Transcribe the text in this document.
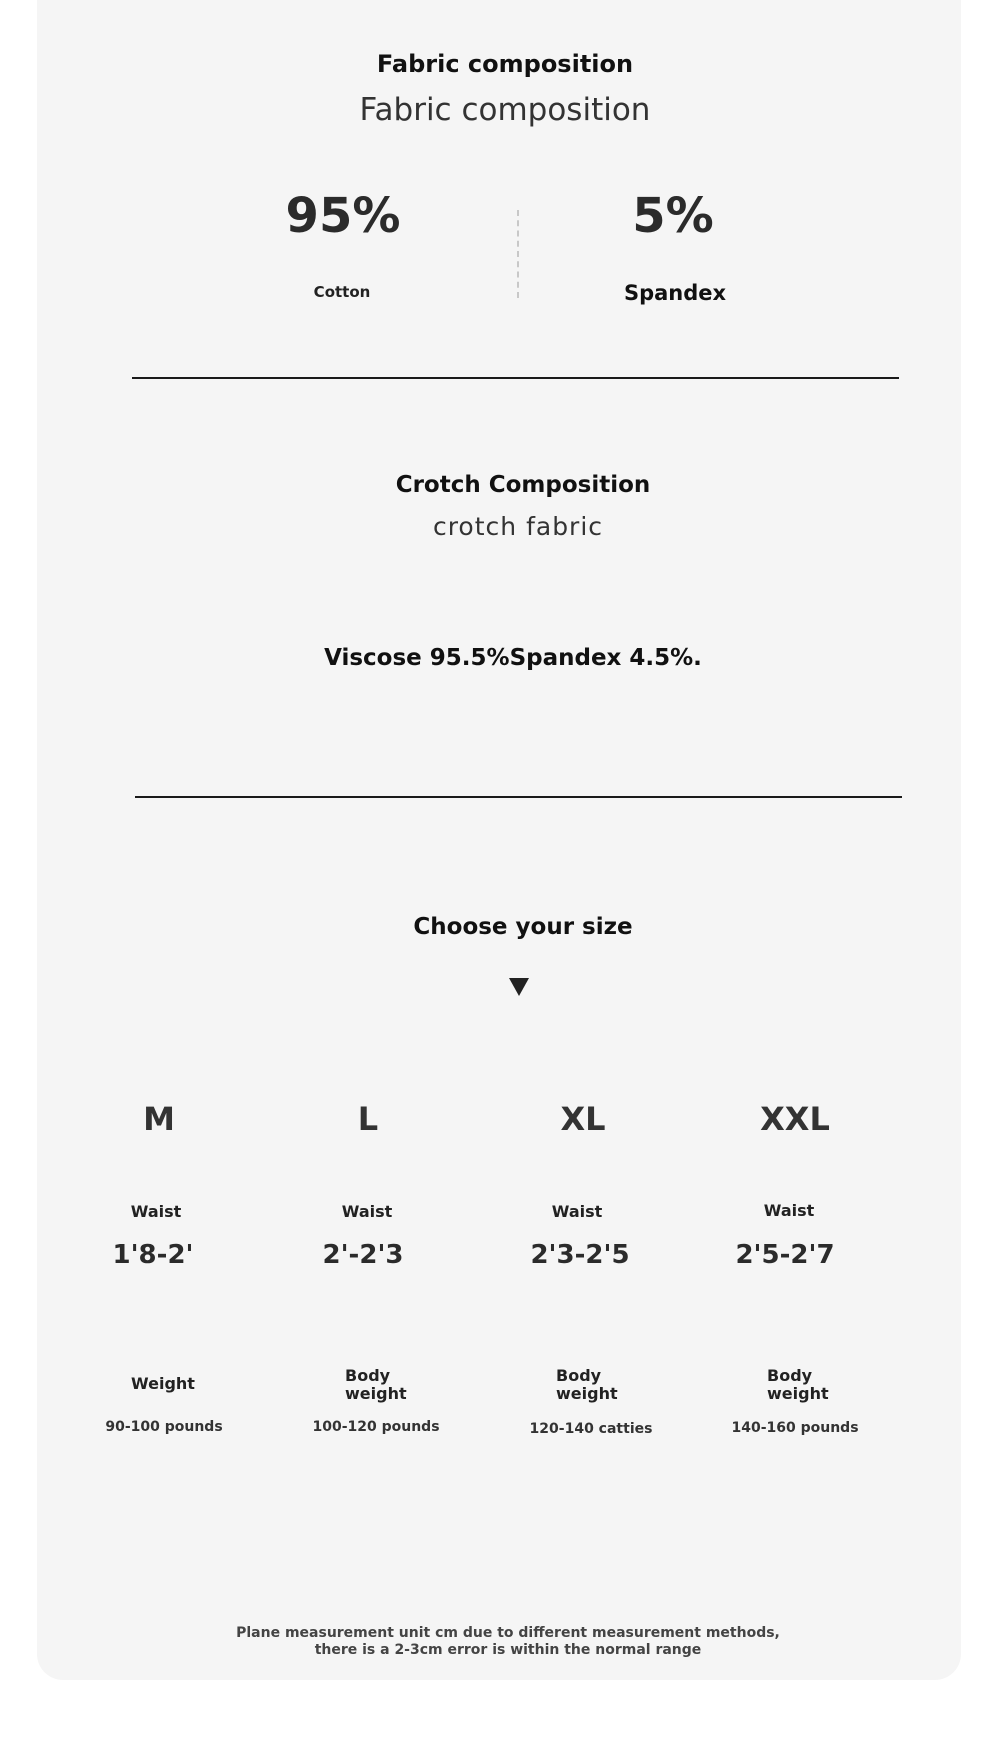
Fabric composition
Fabric composition
95%
Cotton
5%
Spandex
Crotch Composition
crotch fabric
Viscose 95.5%Spandex 4.5%.
Choose your size
M
Waist
1'8-2'
Weight
90-100 pounds
L
Waist
2'-2'3
Body weight
100-120 pounds
XL
Waist
2'3-2'5
Body weight
120-140 catties
XXL
Waist
2'5-2'7
Body weight
140-160 pounds
Plane measurement unit cm due to different measurement methods, there is a 2-3cm error is within the normal range
